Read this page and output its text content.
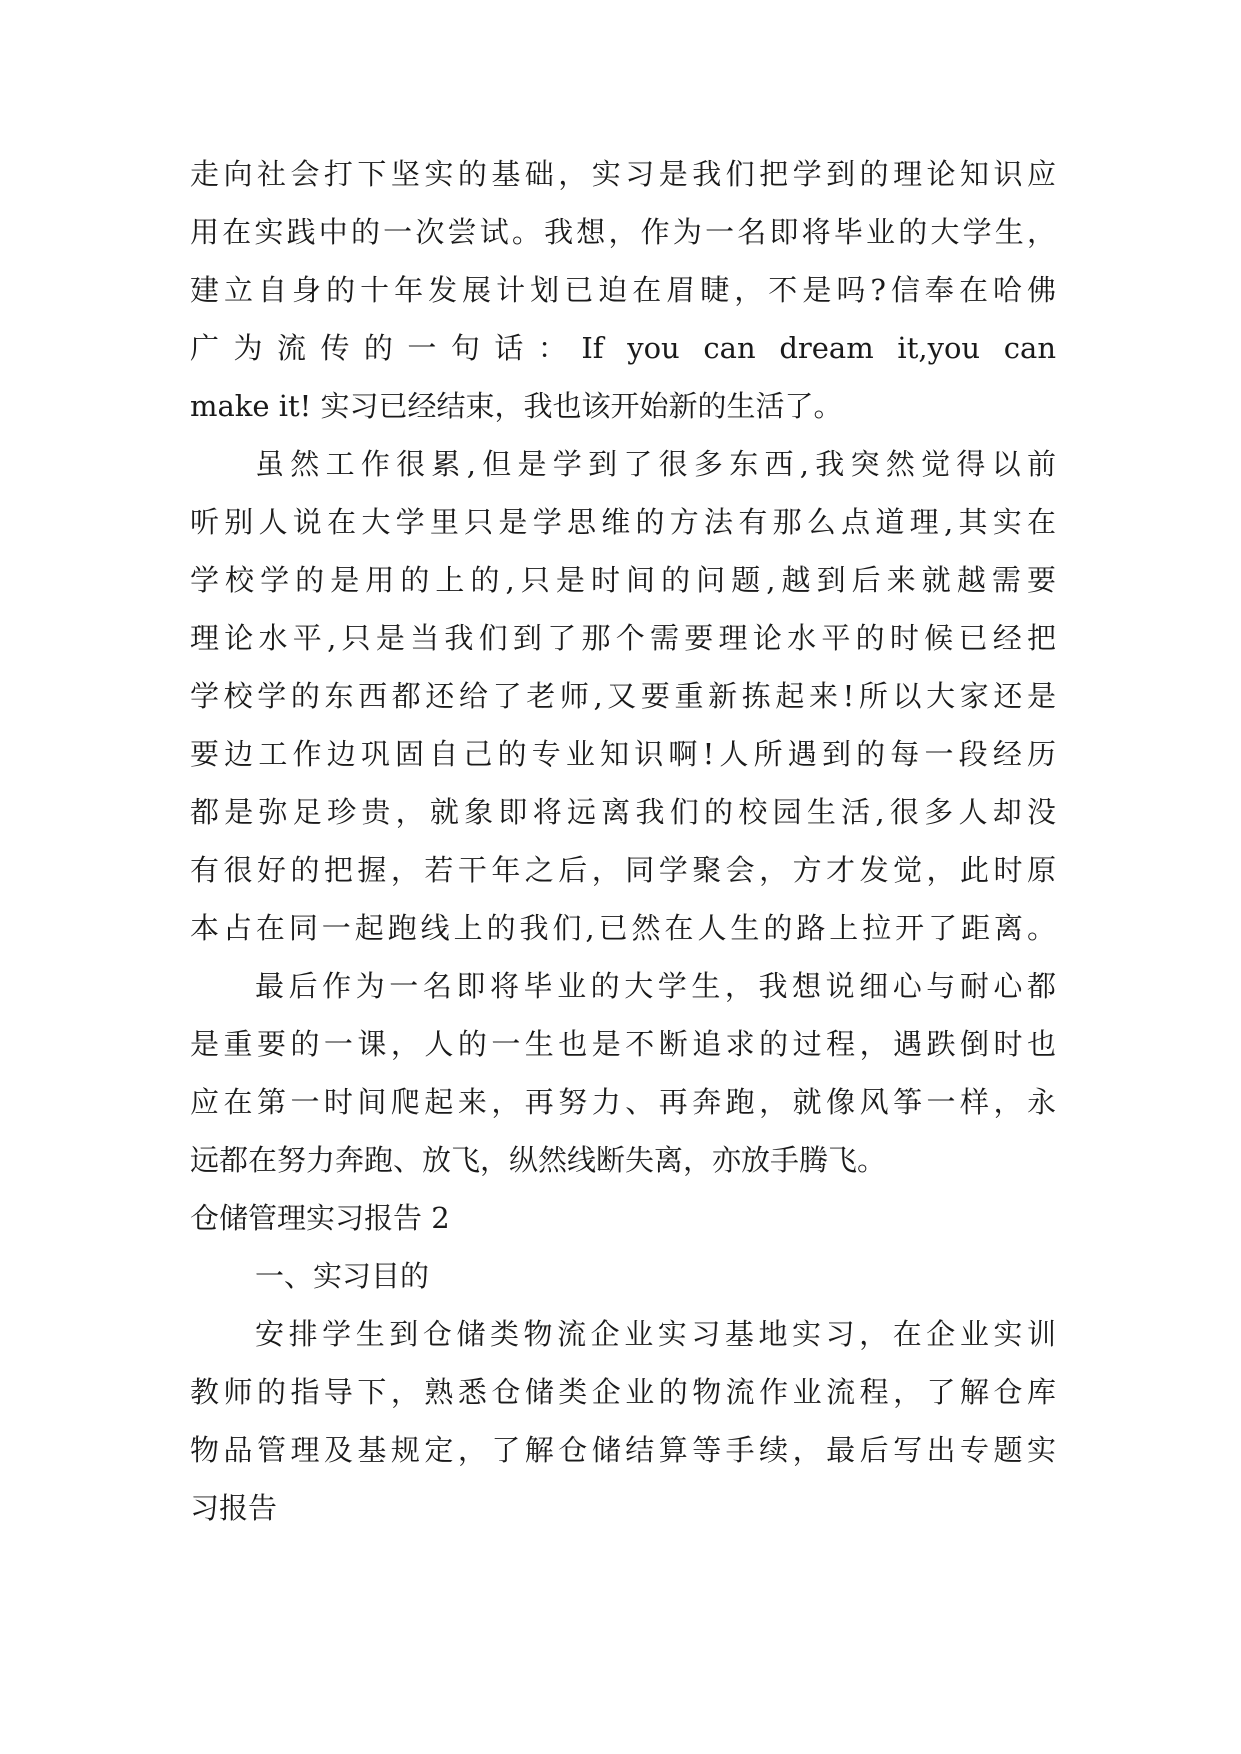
走向社会打下坚实的基础，实习是我们把学到的理论知识应
用在实践中的一次尝试。我想，作为一名即将毕业的大学生，
建立自身的十年发展计划已迫在眉睫，不是吗?信奉在哈佛
广为流传的一句话：If you can dream it,you can
make it! 实习已经结束，我也该开始新的生活了。
虽然工作很累,但是学到了很多东西,我突然觉得以前
听别人说在大学里只是学思维的方法有那么点道理,其实在
学校学的是用的上的,只是时间的问题,越到后来就越需要
理论水平,只是当我们到了那个需要理论水平的时候已经把
学校学的东西都还给了老师,又要重新拣起来!所以大家还是
要边工作边巩固自己的专业知识啊!人所遇到的每一段经历
都是弥足珍贵，就象即将远离我们的校园生活,很多人却没
有很好的把握，若干年之后，同学聚会，方才发觉，此时原
本占在同一起跑线上的我们,已然在人生的路上拉开了距离。
最后作为一名即将毕业的大学生，我想说细心与耐心都
是重要的一课，人的一生也是不断追求的过程，遇跌倒时也
应在第一时间爬起来，再努力、再奔跑，就像风筝一样，永
远都在努力奔跑、放飞，纵然线断失离，亦放手腾飞。
仓储管理实习报告 2
一、实习目的
安排学生到仓储类物流企业实习基地实习，在企业实训
教师的指导下，熟悉仓储类企业的物流作业流程，了解仓库
物品管理及基规定，了解仓储结算等手续，最后写出专题实
习报告
